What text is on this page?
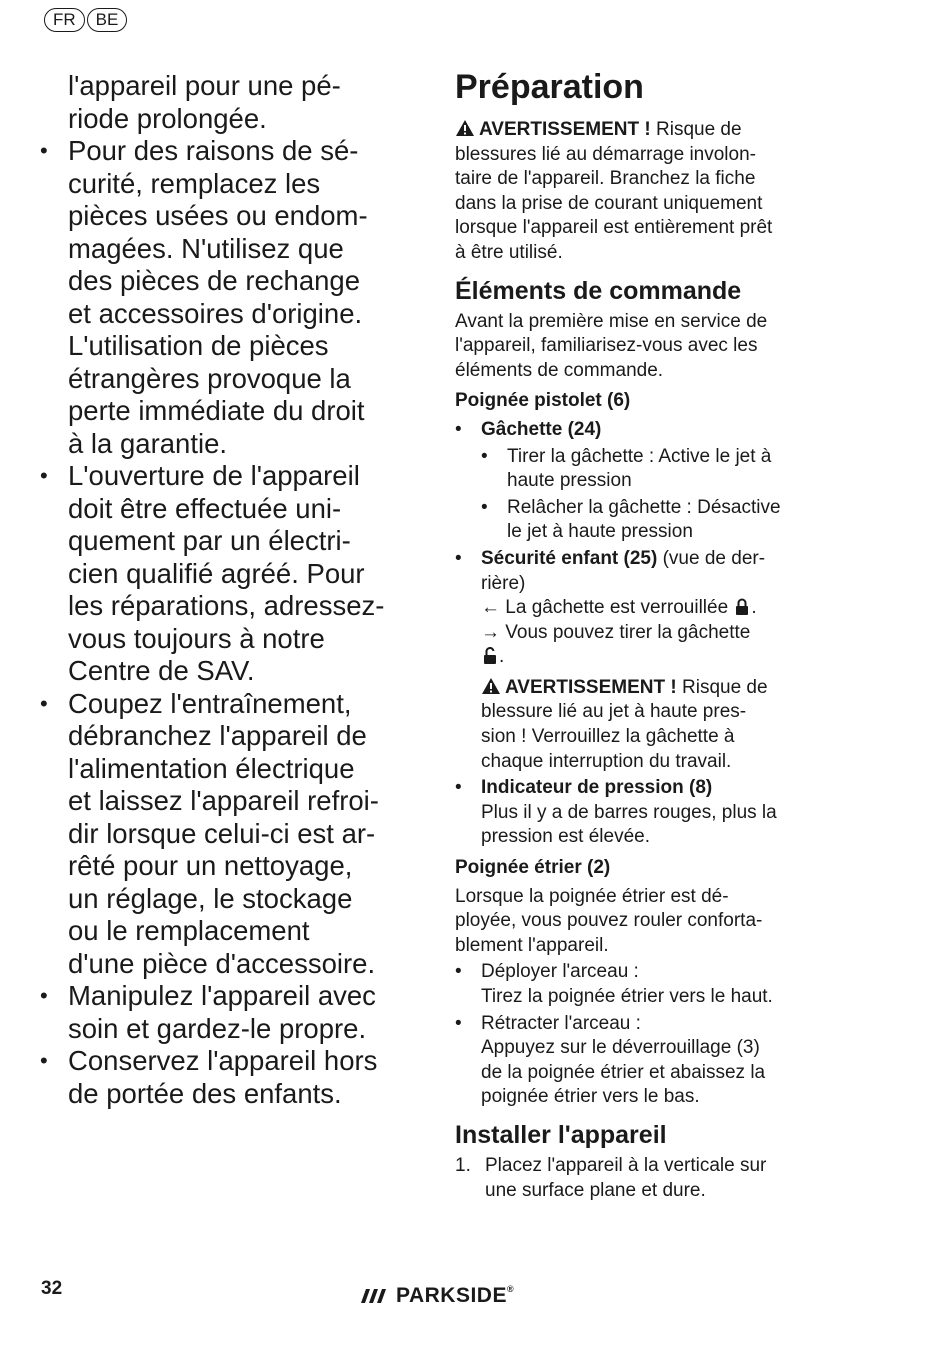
FR	BE
l'appareil pour une pé-
riode prolongée.
• Pour des raisons de sé-
curité, remplacez les
pièces usées ou endom-
magées. N'utilisez que
des pièces de rechange
et accessoires d'origine.
L'utilisation de pièces
étrangères provoque la
perte immédiate du droit
à la garantie.
• L'ouverture de l'appareil
doit être effectuée uni-
quement par un électri-
cien qualifié agréé. Pour
les réparations, adressez-
vous toujours à notre
Centre de SAV.
• Coupez l'entraînement,
débranchez l'appareil de
l'alimentation électrique
et laissez l'appareil refroi-
dir lorsque celui-ci est ar-
rêté pour un nettoyage,
un réglage, le stockage
ou le remplacement
d'une pièce d'accessoire.
• Manipulez l'appareil avec
soin et gardez-le propre.
• Conservez l'appareil hors
de portée des enfants.
Préparation
AVERTISSEMENT ! Risque de
blessures lié au démarrage involon-
taire de l'appareil. Branchez la fiche
dans la prise de courant uniquement
lorsque l'appareil est entièrement prêt
à être utilisé.
Éléments de commande
Avant la première mise en service de
l'appareil, familiarisez-vous avec les
éléments de commande.
Poignée pistolet (6)
• Gâchette (24)
• Tirer la gâchette : Active le jet à
haute pression
• Relâcher la gâchette : Désactive
le jet à haute pression
• Sécurité enfant (25) (vue de der-
rière)
← La gâchette est verrouillée .
→ Vous pouvez tirer la gâchette
.
AVERTISSEMENT ! Risque de
blessure lié au jet à haute pres-
sion ! Verrouillez la gâchette à
chaque interruption du travail.
• Indicateur de pression (8)
Plus il y a de barres rouges, plus la
pression est élevée.
Poignée étrier (2)
Lorsque la poignée étrier est dé-
ployée, vous pouvez rouler conforta-
blement l'appareil.
• Déployer l'arceau :
Tirez la poignée étrier vers le haut.
• Rétracter l'arceau :
Appuyez sur le déverrouillage (3)
de la poignée étrier et abaissez la
poignée étrier vers le bas.
Installer l'appareil
1. Placez l'appareil à la verticale sur
une surface plane et dure.
32	PARKSIDE®
